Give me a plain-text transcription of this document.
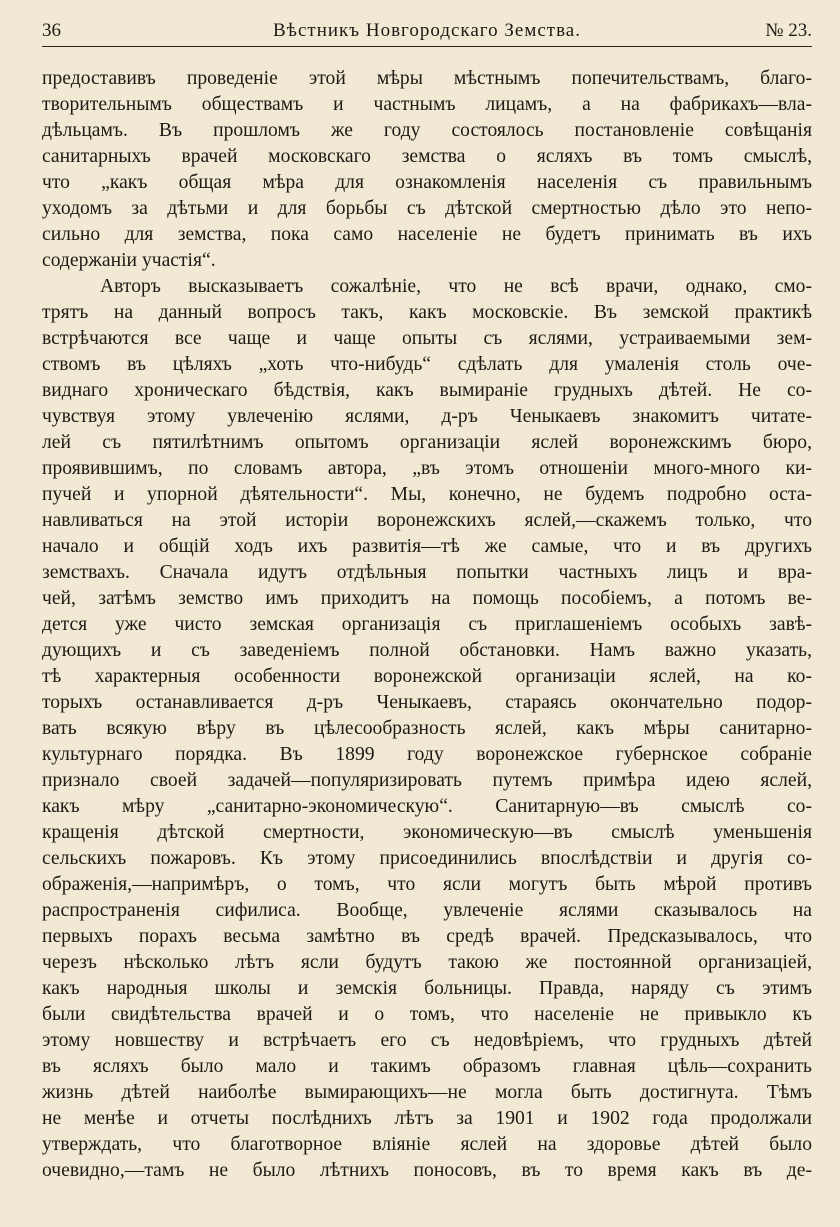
36	Вѣстникъ Новгородскаго Земства.	№ 23.
предоставивъ проведеніе этой мѣры мѣстнымъ попечительствамъ, благо-
творительнымъ обществамъ и частнымъ лицамъ, а на фабрикахъ—вла-
дѣльцамъ. Въ прошломъ же году состоялось постановленіе совѣщанія
санитарныхъ врачей московскаго земства о ясляхъ въ томъ смыслѣ,
что „какъ общая мѣра для ознакомленія населенія съ правильнымъ
уходомъ за дѣтьми и для борьбы съ дѣтской смертностью дѣло это непо-
сильно для земства, пока само населеніе не будетъ принимать въ ихъ
содержаніи участія“.
Авторъ высказываетъ сожалѣніе, что не всѣ врачи, однако, смо-
трятъ на данный вопросъ такъ, какъ московскіе. Въ земской практикѣ
встрѣчаются все чаще и чаще опыты съ яслями, устраиваемыми зем-
ствомъ въ цѣляхъ „хоть что-нибудь“ сдѣлать для умаленія столь оче-
виднаго хроническаго бѣдствія, какъ вымираніе грудныхъ дѣтей. Не со-
чувствуя этому увлеченію яслями, д-ръ Ченыкаевъ знакомитъ читате-
лей съ пятилѣтнимъ опытомъ организаціи яслей воронежскимъ бюро,
проявившимъ, по словамъ автора, „въ этомъ отношеніи много-много ки-
пучей и упорной дѣятельности“. Мы, конечно, не будемъ подробно оста-
навливаться на этой исторіи воронежскихъ яслей,—скажемъ только, что
начало и общій ходъ ихъ развитія—тѣ же самые, что и въ другихъ
земствахъ. Сначала идутъ отдѣльныя попытки частныхъ лицъ и вра-
чей, затѣмъ земство имъ приходитъ на помощь пособіемъ, а потомъ ве-
дется уже чисто земская организація съ приглашеніемъ особыхъ завѣ-
дующихъ и съ заведеніемъ полной обстановки. Намъ важно указать,
тѣ характерныя особенности воронежской организаціи яслей, на ко-
торыхъ останавливается д-ръ Ченыкаевъ, стараясь окончательно подор-
вать всякую вѣру въ цѣлесообразность яслей, какъ мѣры санитарно-
культурнаго порядка. Въ 1899 году воронежское губернское собраніе
признало своей задачей—популяризировать путемъ примѣра идею яслей,
какъ мѣру „санитарно-экономическую“. Санитарную—въ смыслѣ со-
кращенія дѣтской смертности, экономическую—въ смыслѣ уменьшенія
сельскихъ пожаровъ. Къ этому присоединились впослѣдствіи и другія со-
ображенія,—напримѣръ, о томъ, что ясли могутъ быть мѣрой противъ
распространенія сифилиса. Вообще, увлеченіе яслями сказывалось на
первыхъ порахъ весьма замѣтно въ средѣ врачей. Предсказывалось, что
черезъ нѣсколько лѣтъ ясли будутъ такою же постоянной организаціей,
какъ народныя школы и земскія больницы. Правда, наряду съ этимъ
были свидѣтельства врачей и о томъ, что населеніе не привыкло къ
этому новшеству и встрѣчаетъ его съ недовѣріемъ, что грудныхъ дѣтей
въ ясляхъ было мало и такимъ образомъ главная цѣль—сохранить
жизнь дѣтей наиболѣе вымирающихъ—не могла быть достигнута. Тѣмъ
не менѣе и отчеты послѣднихъ лѣтъ за 1901 и 1902 года продолжали
утверждать, что благотворное вліяніе яслей на здоровье дѣтей было
очевидно,—тамъ не было лѣтнихъ поносовъ, въ то время какъ въ де-
